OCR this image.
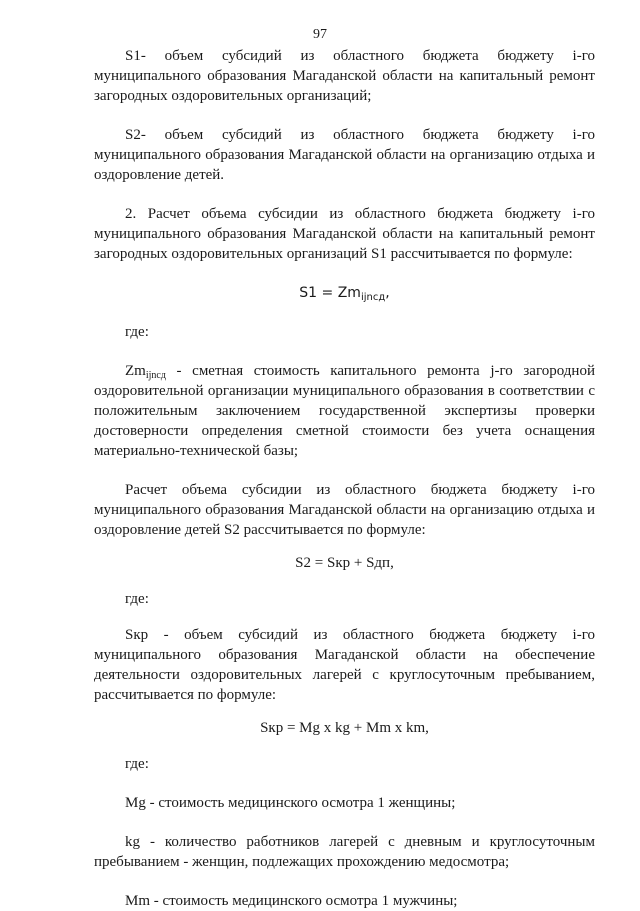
97

S1- объем субсидий из областного бюджета бюджету i-го муниципального образования Магаданской области на капитальный ремонт загородных оздоровительных организаций;

S2- объем субсидий из областного бюджета бюджету i-го муниципального образования Магаданской области на организацию отдыха и оздоровление детей.

2. Расчет объема субсидии из областного бюджета бюджету i-го муниципального образования Магаданской области на капитальный ремонт загородных оздоровительных организаций S1 рассчитывается по формуле:

$S1 = Zm_{ijnсд}$,

где:

$Zm_{ijnсд}$ - сметная стоимость капитального ремонта j-го загородной оздоровительной организации муниципального образования в соответствии с положительным заключением государственной экспертизы проверки достоверности определения сметной стоимости без учета оснащения материально-технической базы;

Расчет объема субсидии из областного бюджета бюджету i-го муниципального образования Магаданской области на организацию отдыха и оздоровление детей S2 рассчитывается по формуле:

S2 = Sкр + Sдп,

где:

Sкр - объем субсидий из областного бюджета бюджету i-го муниципального образования Магаданской области на обеспечение деятельности оздоровительных лагерей с круглосуточным пребыванием, рассчитывается по формуле:

Sкр = Mg x kg + Mm x km,

где:

Mg - стоимость медицинского осмотра 1 женщины;

kg - количество работников лагерей с дневным и круглосуточным пребыванием - женщин, подлежащих прохождению медосмотра;

Mm - стоимость медицинского осмотра 1 мужчины;
